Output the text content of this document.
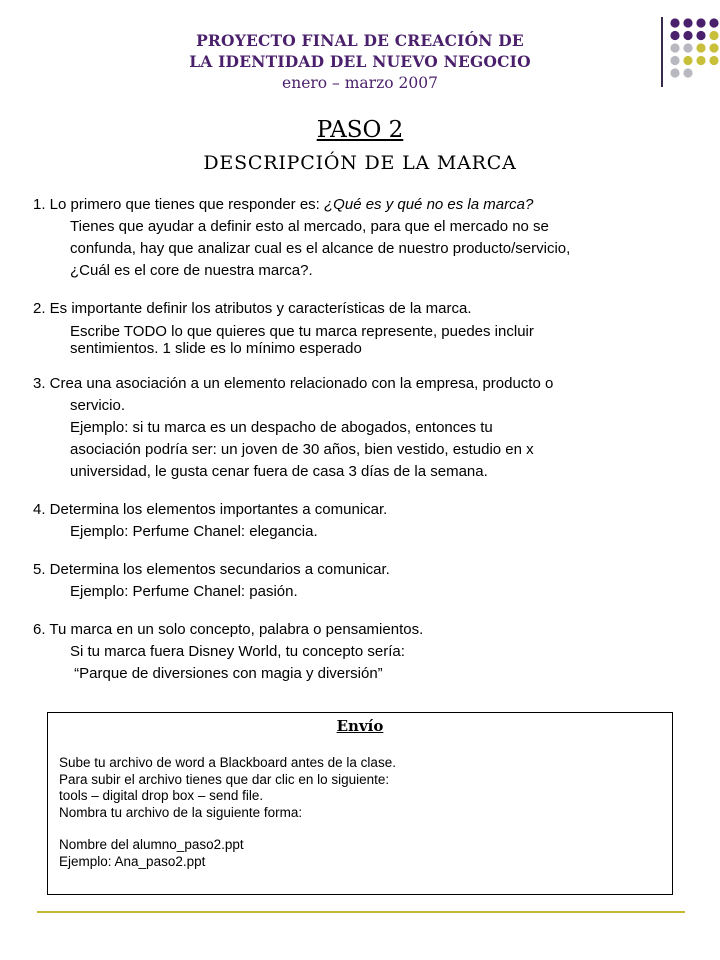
PROYECTO FINAL DE CREACIÓN DE
LA IDENTIDAD DEL NUEVO NEGOCIO
enero – marzo 2007
PASO 2
DESCRIPCIÓN DE LA MARCA

1. Lo primero que tienes que responder es: ¿Qué es y qué no es la marca?

Tienes que ayudar a definir esto al mercado, para que el mercado no se

confunda, hay que analizar cual es el alcance de nuestro producto/servicio,

¿Cuál es el core de nuestra marca?.

2. Es importante definir los atributos y características de la marca.

Escribe TODO lo que quieres que tu marca represente, puedes incluir

sentimientos. 1 slide es lo mínimo esperado

3. Crea una asociación a un elemento relacionado con la empresa, producto o

servicio.

Ejemplo: si tu marca es un despacho de abogados, entonces tu

asociación podría ser: un joven de 30 años, bien vestido, estudio en x

universidad, le gusta cenar fuera de casa 3 días de la semana.

4. Determina los elementos importantes a comunicar.

Ejemplo: Perfume Chanel: elegancia.

5. Determina los elementos secundarios a comunicar.

Ejemplo: Perfume Chanel: pasión.

6. Tu marca en un solo concepto, palabra o pensamientos.

Si tu marca fuera Disney World, tu concepto sería:

“Parque de diversiones con magia y diversión”

Envío

Sube tu archivo de word a Blackboard antes de la clase.

Para subir el archivo tienes que dar clic en lo siguiente:

tools – digital drop box – send file.

Nombra tu archivo de la siguiente forma:

Nombre del alumno_paso2.ppt

Ejemplo: Ana_paso2.ppt
